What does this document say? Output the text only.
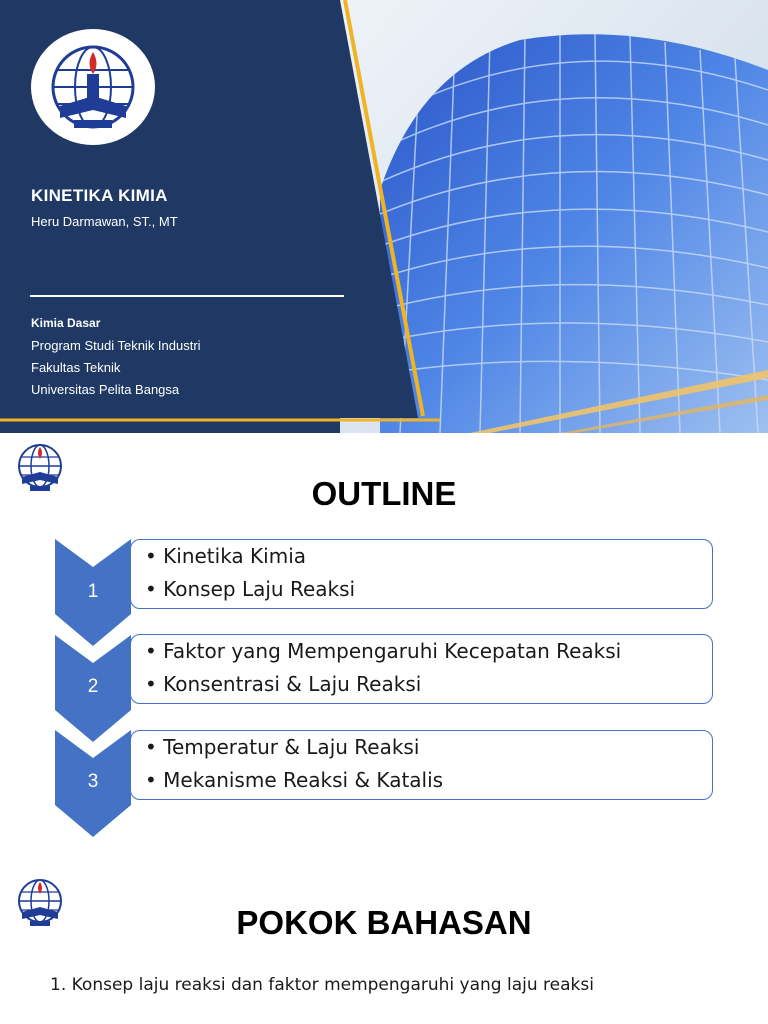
KINETIKA KIMIA
Heru Darmawan, ST., MT
Kimia Dasar
Program Studi Teknik Industri
Fakultas Teknik
Universitas Pelita Bangsa
OUTLINE
1
• Kinetika Kimia
• Konsep Laju Reaksi
2
• Faktor yang Mempengaruhi Kecepatan Reaksi
• Konsentrasi & Laju Reaksi
3
• Temperatur & Laju Reaksi
• Mekanisme Reaksi & Katalis
POKOK BAHASAN
1. Konsep laju reaksi dan faktor mempengaruhi yang laju reaksi
